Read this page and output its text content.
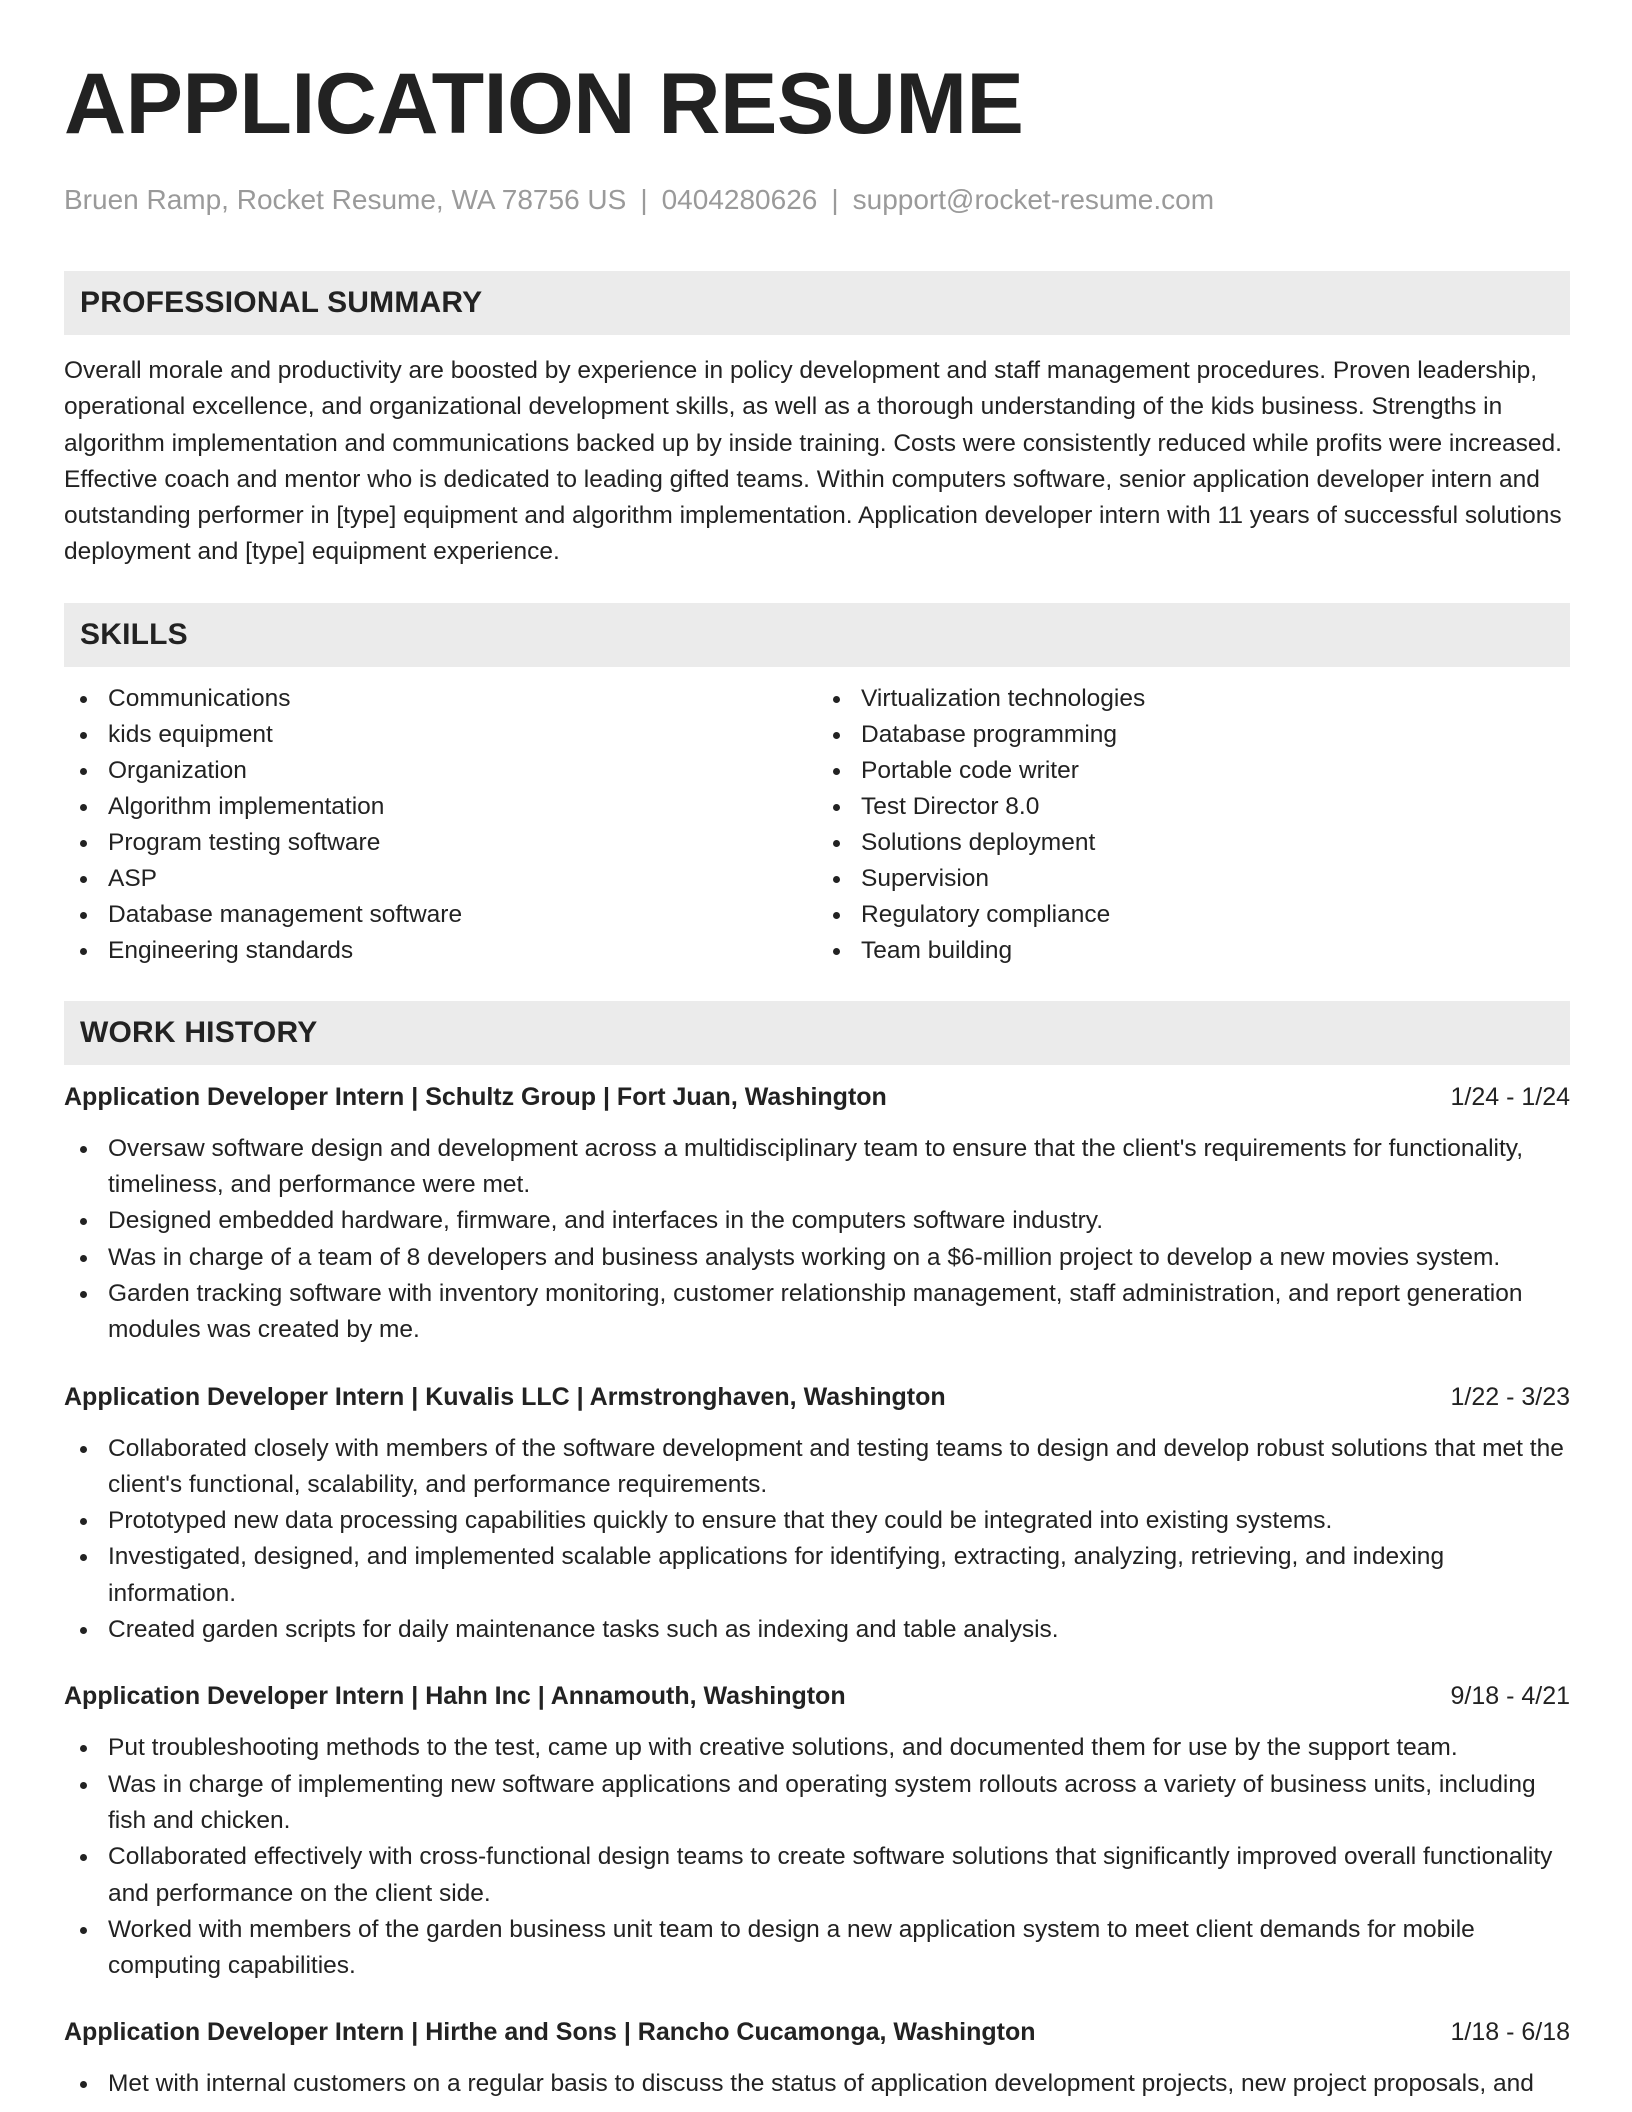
APPLICATION RESUME
Bruen Ramp, Rocket Resume, WA 78756 US | 0404280626 | support@rocket-resume.com
PROFESSIONAL SUMMARY

Overall morale and productivity are boosted by experience in policy development and staff management procedures. Proven leadership, operational excellence, and organizational development skills, as well as a thorough understanding of the kids business. Strengths in algorithm implementation and communications backed up by inside training. Costs were consistently reduced while profits were increased. Effective coach and mentor who is dedicated to leading gifted teams. Within computers software, senior application developer intern and outstanding performer in [type] equipment and algorithm implementation. Application developer intern with 11 years of successful solutions deployment and [type] equipment experience.

SKILLS
Communications
kids equipment
Organization
Algorithm implementation
Program testing software
ASP
Database management software
Engineering standards
Virtualization technologies
Database programming
Portable code writer
Test Director 8.0
Solutions deployment
Supervision
Regulatory compliance
Team building
WORK HISTORY
Application Developer Intern | Schultz Group | Fort Juan, Washington	1/24 - 1/24
Oversaw software design and development across a multidisciplinary team to ensure that the client's requirements for functionality, timeliness, and performance were met.
Designed embedded hardware, firmware, and interfaces in the computers software industry.
Was in charge of a team of 8 developers and business analysts working on a $6-million project to develop a new movies system.
Garden tracking software with inventory monitoring, customer relationship management, staff administration, and report generation modules was created by me.
Application Developer Intern | Kuvalis LLC | Armstronghaven, Washington	1/22 - 3/23
Collaborated closely with members of the software development and testing teams to design and develop robust solutions that met the client's functional, scalability, and performance requirements.
Prototyped new data processing capabilities quickly to ensure that they could be integrated into existing systems.
Investigated, designed, and implemented scalable applications for identifying, extracting, analyzing, retrieving, and indexing information.
Created garden scripts for daily maintenance tasks such as indexing and table analysis.
Application Developer Intern | Hahn Inc | Annamouth, Washington	9/18 - 4/21
Put troubleshooting methods to the test, came up with creative solutions, and documented them for use by the support team.
Was in charge of implementing new software applications and operating system rollouts across a variety of business units, including fish and chicken.
Collaborated effectively with cross-functional design teams to create software solutions that significantly improved overall functionality and performance on the client side.
Worked with members of the garden business unit team to design a new application system to meet client demands for mobile computing capabilities.
Application Developer Intern | Hirthe and Sons | Rancho Cucamonga, Washington	1/18 - 6/18
Met with internal customers on a regular basis to discuss the status of application development projects, new project proposals, and
